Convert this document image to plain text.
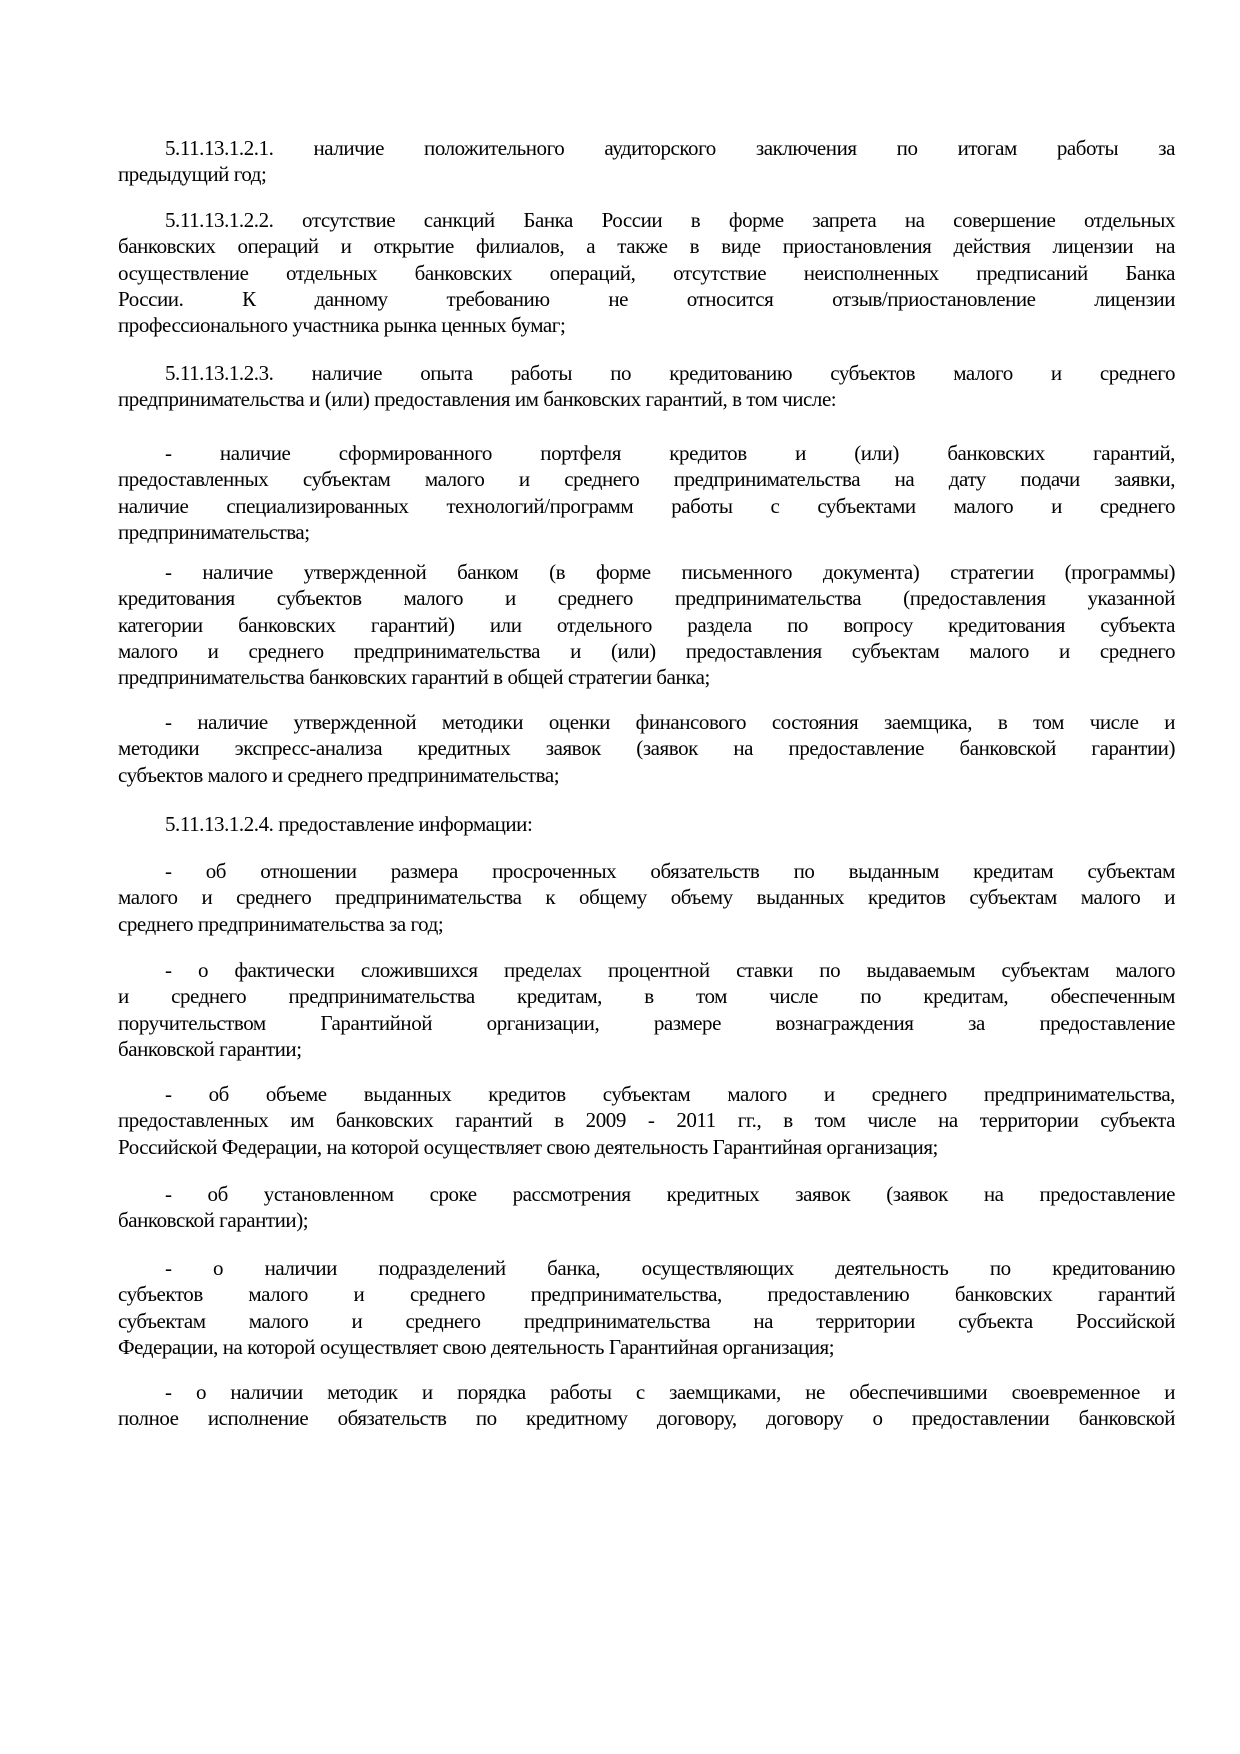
5.11.13.1.2.1. наличие положительного аудиторского заключения по итогам работы за
предыдущий год;
5.11.13.1.2.2. отсутствие санкций Банка России в форме запрета на совершение отдельных
банковских операций и открытие филиалов, а также в виде приостановления действия лицензии на
осуществление отдельных банковских операций, отсутствие неисполненных предписаний Банка
России. К данному требованию не относится отзыв/приостановление лицензии
профессионального участника рынка ценных бумаг;
5.11.13.1.2.3. наличие опыта работы по кредитованию субъектов малого и среднего
предпринимательства и (или) предоставления им банковских гарантий, в том числе:
- наличие сформированного портфеля кредитов и (или) банковских гарантий,
предоставленных субъектам малого и среднего предпринимательства на дату подачи заявки,
наличие специализированных технологий/программ работы с субъектами малого и среднего
предпринимательства;
- наличие утвержденной банком (в форме письменного документа) стратегии (программы)
кредитования субъектов малого и среднего предпринимательства (предоставления указанной
категории банковских гарантий) или отдельного раздела по вопросу кредитования субъекта
малого и среднего предпринимательства и (или) предоставления субъектам малого и среднего
предпринимательства банковских гарантий в общей стратегии банка;
- наличие утвержденной методики оценки финансового состояния заемщика, в том числе и
методики экспресс-анализа кредитных заявок (заявок на предоставление банковской гарантии)
субъектов малого и среднего предпринимательства;
5.11.13.1.2.4. предоставление информации:
- об отношении размера просроченных обязательств по выданным кредитам субъектам
малого и среднего предпринимательства к общему объему выданных кредитов субъектам малого и
среднего предпринимательства за год;
- о фактически сложившихся пределах процентной ставки по выдаваемым субъектам малого
и среднего предпринимательства кредитам, в том числе по кредитам, обеспеченным
поручительством Гарантийной организации, размере вознаграждения за предоставление
банковской гарантии;
- об объеме выданных кредитов субъектам малого и среднего предпринимательства,
предоставленных им банковских гарантий в 2009 - 2011 гг., в том числе на территории субъекта
Российской Федерации, на которой осуществляет свою деятельность Гарантийная организация;
- об установленном сроке рассмотрения кредитных заявок (заявок на предоставление
банковской гарантии);
- о наличии подразделений банка, осуществляющих деятельность по кредитованию
субъектов малого и среднего предпринимательства, предоставлению банковских гарантий
субъектам малого и среднего предпринимательства на территории субъекта Российской
Федерации, на которой осуществляет свою деятельность Гарантийная организация;
- о наличии методик и порядка работы с заемщиками, не обеспечившими своевременное и
полное исполнение обязательств по кредитному договору, договору о предоставлении банковской
